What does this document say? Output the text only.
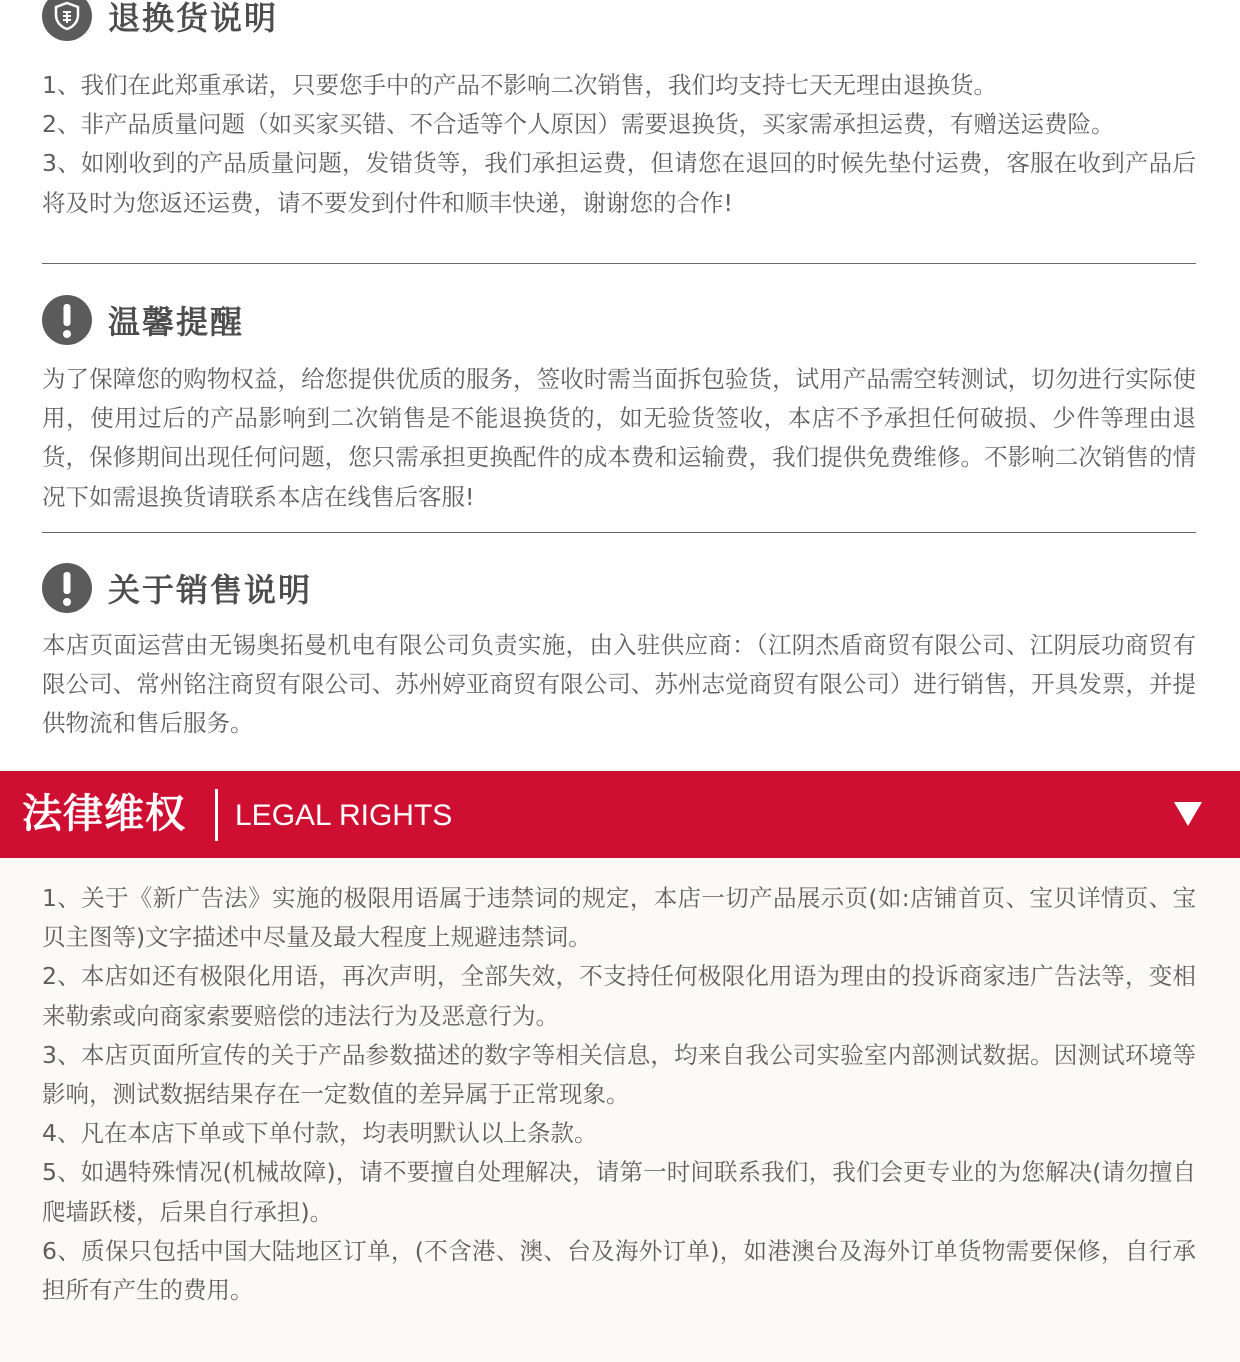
退换货说明

1、我们在此郑重承诺，只要您手中的产品不影响二次销售，我们均支持七天无理由退换货。

2、非产品质量问题（如买家买错、不合适等个人原因）需要退换货，买家需承担运费，有赠送运费险。

3、如刚收到的产品质量问题，发错货等，我们承担运费，但请您在退回的时候先垫付运费，客服在收到产品后将及时为您返还运费，请不要发到付件和顺丰快递，谢谢您的合作!

温馨提醒

为了保障您的购物权益，给您提供优质的服务，签收时需当面拆包验货，试用产品需空转测试，切勿进行实际使用，使用过后的产品影响到二次销售是不能退换货的，如无验货签收，本店不予承担任何破损、少件等理由退货，保修期间出现任何问题，您只需承担更换配件的成本费和运输费，我们提供免费维修。不影响二次销售的情况下如需退换货请联系本店在线售后客服!

关于销售说明

本店页面运营由无锡奥拓曼机电有限公司负责实施，由入驻供应商：（江阴杰盾商贸有限公司、江阴辰功商贸有限公司、常州铭注商贸有限公司、苏州婷亚商贸有限公司、苏州志觉商贸有限公司）进行销售，开具发票，并提供物流和售后服务。

法律维权 LEGAL RIGHTS

1、关于《新广告法》实施的极限用语属于违禁词的规定，本店一切产品展示页(如:店铺首页、宝贝详情页、宝贝主图等)文字描述中尽量及最大程度上规避违禁词。

2、本店如还有极限化用语，再次声明，全部失效，不支持任何极限化用语为理由的投诉商家违广告法等，变相来勒索或向商家索要赔偿的违法行为及恶意行为。

3、本店页面所宣传的关于产品参数描述的数字等相关信息，均来自我公司实验室内部测试数据。因测试环境等影响，测试数据结果存在一定数值的差异属于正常现象。

4、凡在本店下单或下单付款，均表明默认以上条款。

5、如遇特殊情况(机械故障)，请不要擅自处理解决，请第一时间联系我们，我们会更专业的为您解决(请勿擅自爬墙跃楼，后果自行承担)。

6、质保只包括中国大陆地区订单，(不含港、澳、台及海外订单)，如港澳台及海外订单货物需要保修，自行承担所有产生的费用。
